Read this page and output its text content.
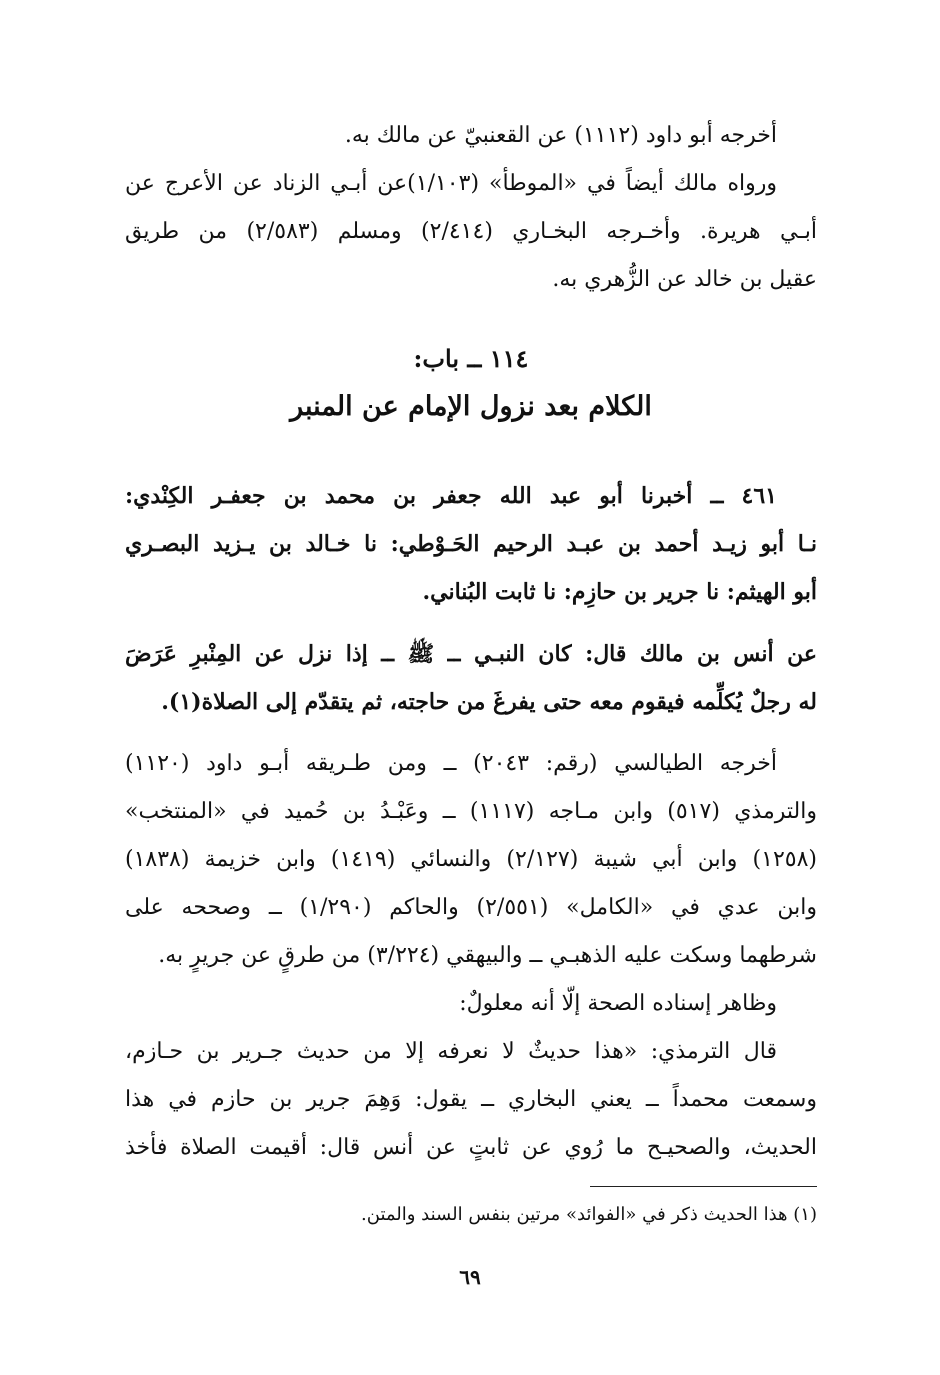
أخرجه أبو داود (١١١٢) عن القعنبيّ عن مالك به.
ورواه مالك أيضاً في «الموطأ» (١/١٠٣)عن أبـي الزناد عن الأعرج عن
أبـي هريرة. وأخـرجه البخـاري (٢/٤١٤) ومسلم (٢/٥٨٣) من طريق
عقيل بن خالد عن الزُّهري به.
١١٤ ــ باب:
الكلام بعد نزول الإمام عن المنبر
٤٦١ ــ أخبرنا أبو عبد الله جعفر بن محمد بن جعفـر الكِنْدي:
نـا أبو زيـد أحمد بن عبـد الرحيم الحَـوْطي: نا خـالد بن يـزيد البصـري
أبو الهيثم: نا جرير بن حازِم: نا ثابت البُناني.
عن أنس بن مالك قال: كان النبـي ــ ﷺ ــ إذا نزل عن المِنْبرِ عَرَضَ
له رجلٌ يُكلِّمه فيقوم معه حتى يفرغَ من حاجته، ثم يتقدّم إلى الصلاة(١).
أخرجه الطيالسي (رقم: ٢٠٤٣) ــ ومن طـريقه أبـو داود (١١٢٠)
والترمذي (٥١٧) وابن مـاجه (١١١٧) ــ وعَبْـدُ بن حُميد في «المنتخب»
(١٢٥٨) وابن أبي شيبة (٢/١٢٧) والنسائي (١٤١٩) وابن خزيمة (١٨٣٨)
وابن عدي في «الكامل» (٢/٥٥١) والحاكم (١/٢٩٠) ــ وصححه على
شرطهما وسكت عليه الذهبـي ــ والبيهقي (٣/٢٢٤) من طرقٍ عن جريرٍ به.
وظاهر إسناده الصحة إلّا أنه معلولٌ:
قال الترمذي: «هذا حديثٌ لا نعرفه إلا من حديث جـرير بن حـازم،
وسمعت محمداً ــ يعني البخاري ــ يقول: وَهِمَ جرير بن حازم في هذا
الحديث، والصحيـح ما رُوي عن ثابتٍ عن أنس قال: أقيمت الصلاة فأخذ
(١) هذا الحديث ذكر في «الفوائد» مرتين بنفس السند والمتن.
٦٩
